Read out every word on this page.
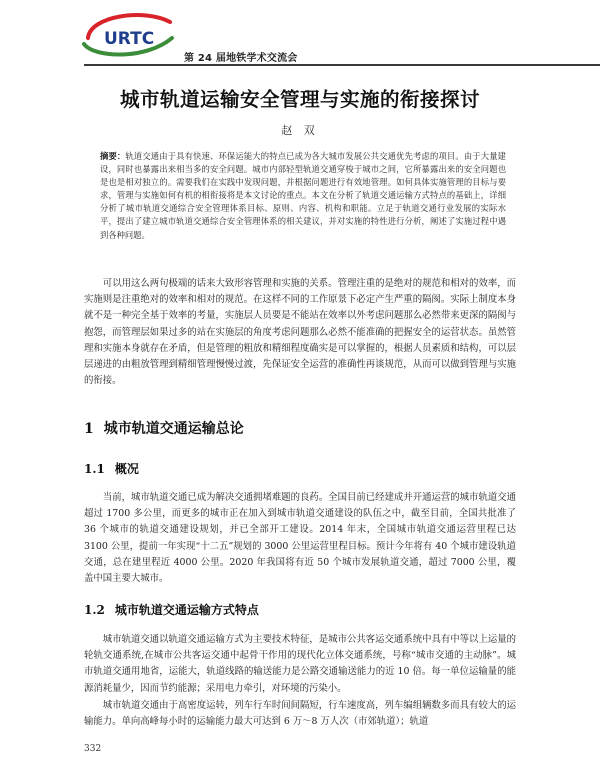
URTC
第 24 届地铁学术交流会
城市轨道运输安全管理与实施的衔接探讨
赵 双
摘要：轨道交通由于具有快速、环保运能大的特点已成为各大城市发展公共交通优先考虑的项目。由于大量建设，同时也暴露出来相当多的安全问题。城市内部轻型轨道交通穿梭于城市之间，它所暴露出来的安全问题也是也是相对独立的。需要我们在实践中发现问题，并根据问题进行有效地管理。如何具体实施管理的目标与要求，管理与实施如何有机的相衔接将是本文讨论的重点。本文在分析了轨道交通运输方式特点的基础上，详细分析了城市轨道交通综合安全管理体系目标、原则、内容、机构和职能。立足于轨道交通行业发展的实际水平，提出了建立城市轨道交通综合安全管理体系的相关建议，并对实施的特性进行分析，阐述了实施过程中遇到各种问题。

可以用这么两句极端的话来大致形容管理和实施的关系。管理注重的是绝对的规范和相对的效率，而实施则是注重绝对的效率和相对的规范。在这样不同的工作原景下必定产生严重的隔阂。实际上制度本身就不是一种完全基于效率的考量，实施层人员要是不能站在效率以外考虑问题那么必然带来更深的隔阂与抱怨，而管理层如果过多的站在实施层的角度考虑问题那么必然不能准确的把握安全的运营状态。虽然管理和实施本身就存在矛盾，但是管理的粗放和精细程度确实是可以掌握的，根据人员素质和结构，可以层层递进的由粗放管理到精细管理慢慢过渡，先保证安全运营的准确性再谈规范，从而可以做到管理与实施的衔接。

1 城市轨道交通运输总论
1.1 概况

当前，城市轨道交通已成为解决交通拥堵难题的良药。全国目前已经建成并开通运营的城市轨道交通超过 1700 多公里，而更多的城市正在加入到城市轨道交通建设的队伍之中，截至目前，全国共批准了 36 个城市的轨道交通建设规划，并已全部开工建设。2014 年末，全国城市轨道交通运营里程已达 3100 公里，提前一年实现“十二五”规划的 3000 公里运营里程目标。预计今年将有 40 个城市建设轨道交通，总在建里程近 4000 公里。2020 年我国将有近 50 个城市发展轨道交通，超过 7000 公里，覆盖中国主要大城市。

1.2 城市轨道交通运输方式特点

城市轨道交通以轨道交通运输方式为主要技术特征，是城市公共客运交通系统中具有中等以上运量的轮轨交通系统,在城市公共客运交通中起骨干作用的现代化立体交通系统，号称“城市交通的主动脉”。城市轨道交通用地省，运能大，轨道线路的输送能力是公路交通输送能力的近 10 倍。每一单位运输量的能源消耗量少，因而节约能源；采用电力牵引，对环境的污染小。

城市轨道交通由于高密度运转，列车行车时间间隔短，行车速度高，列车编组辆数多而具有较大的运输能力。单向高峰每小时的运输能力最大可达到 6 万～8 万人次（市郊轨道）；轨道

332
